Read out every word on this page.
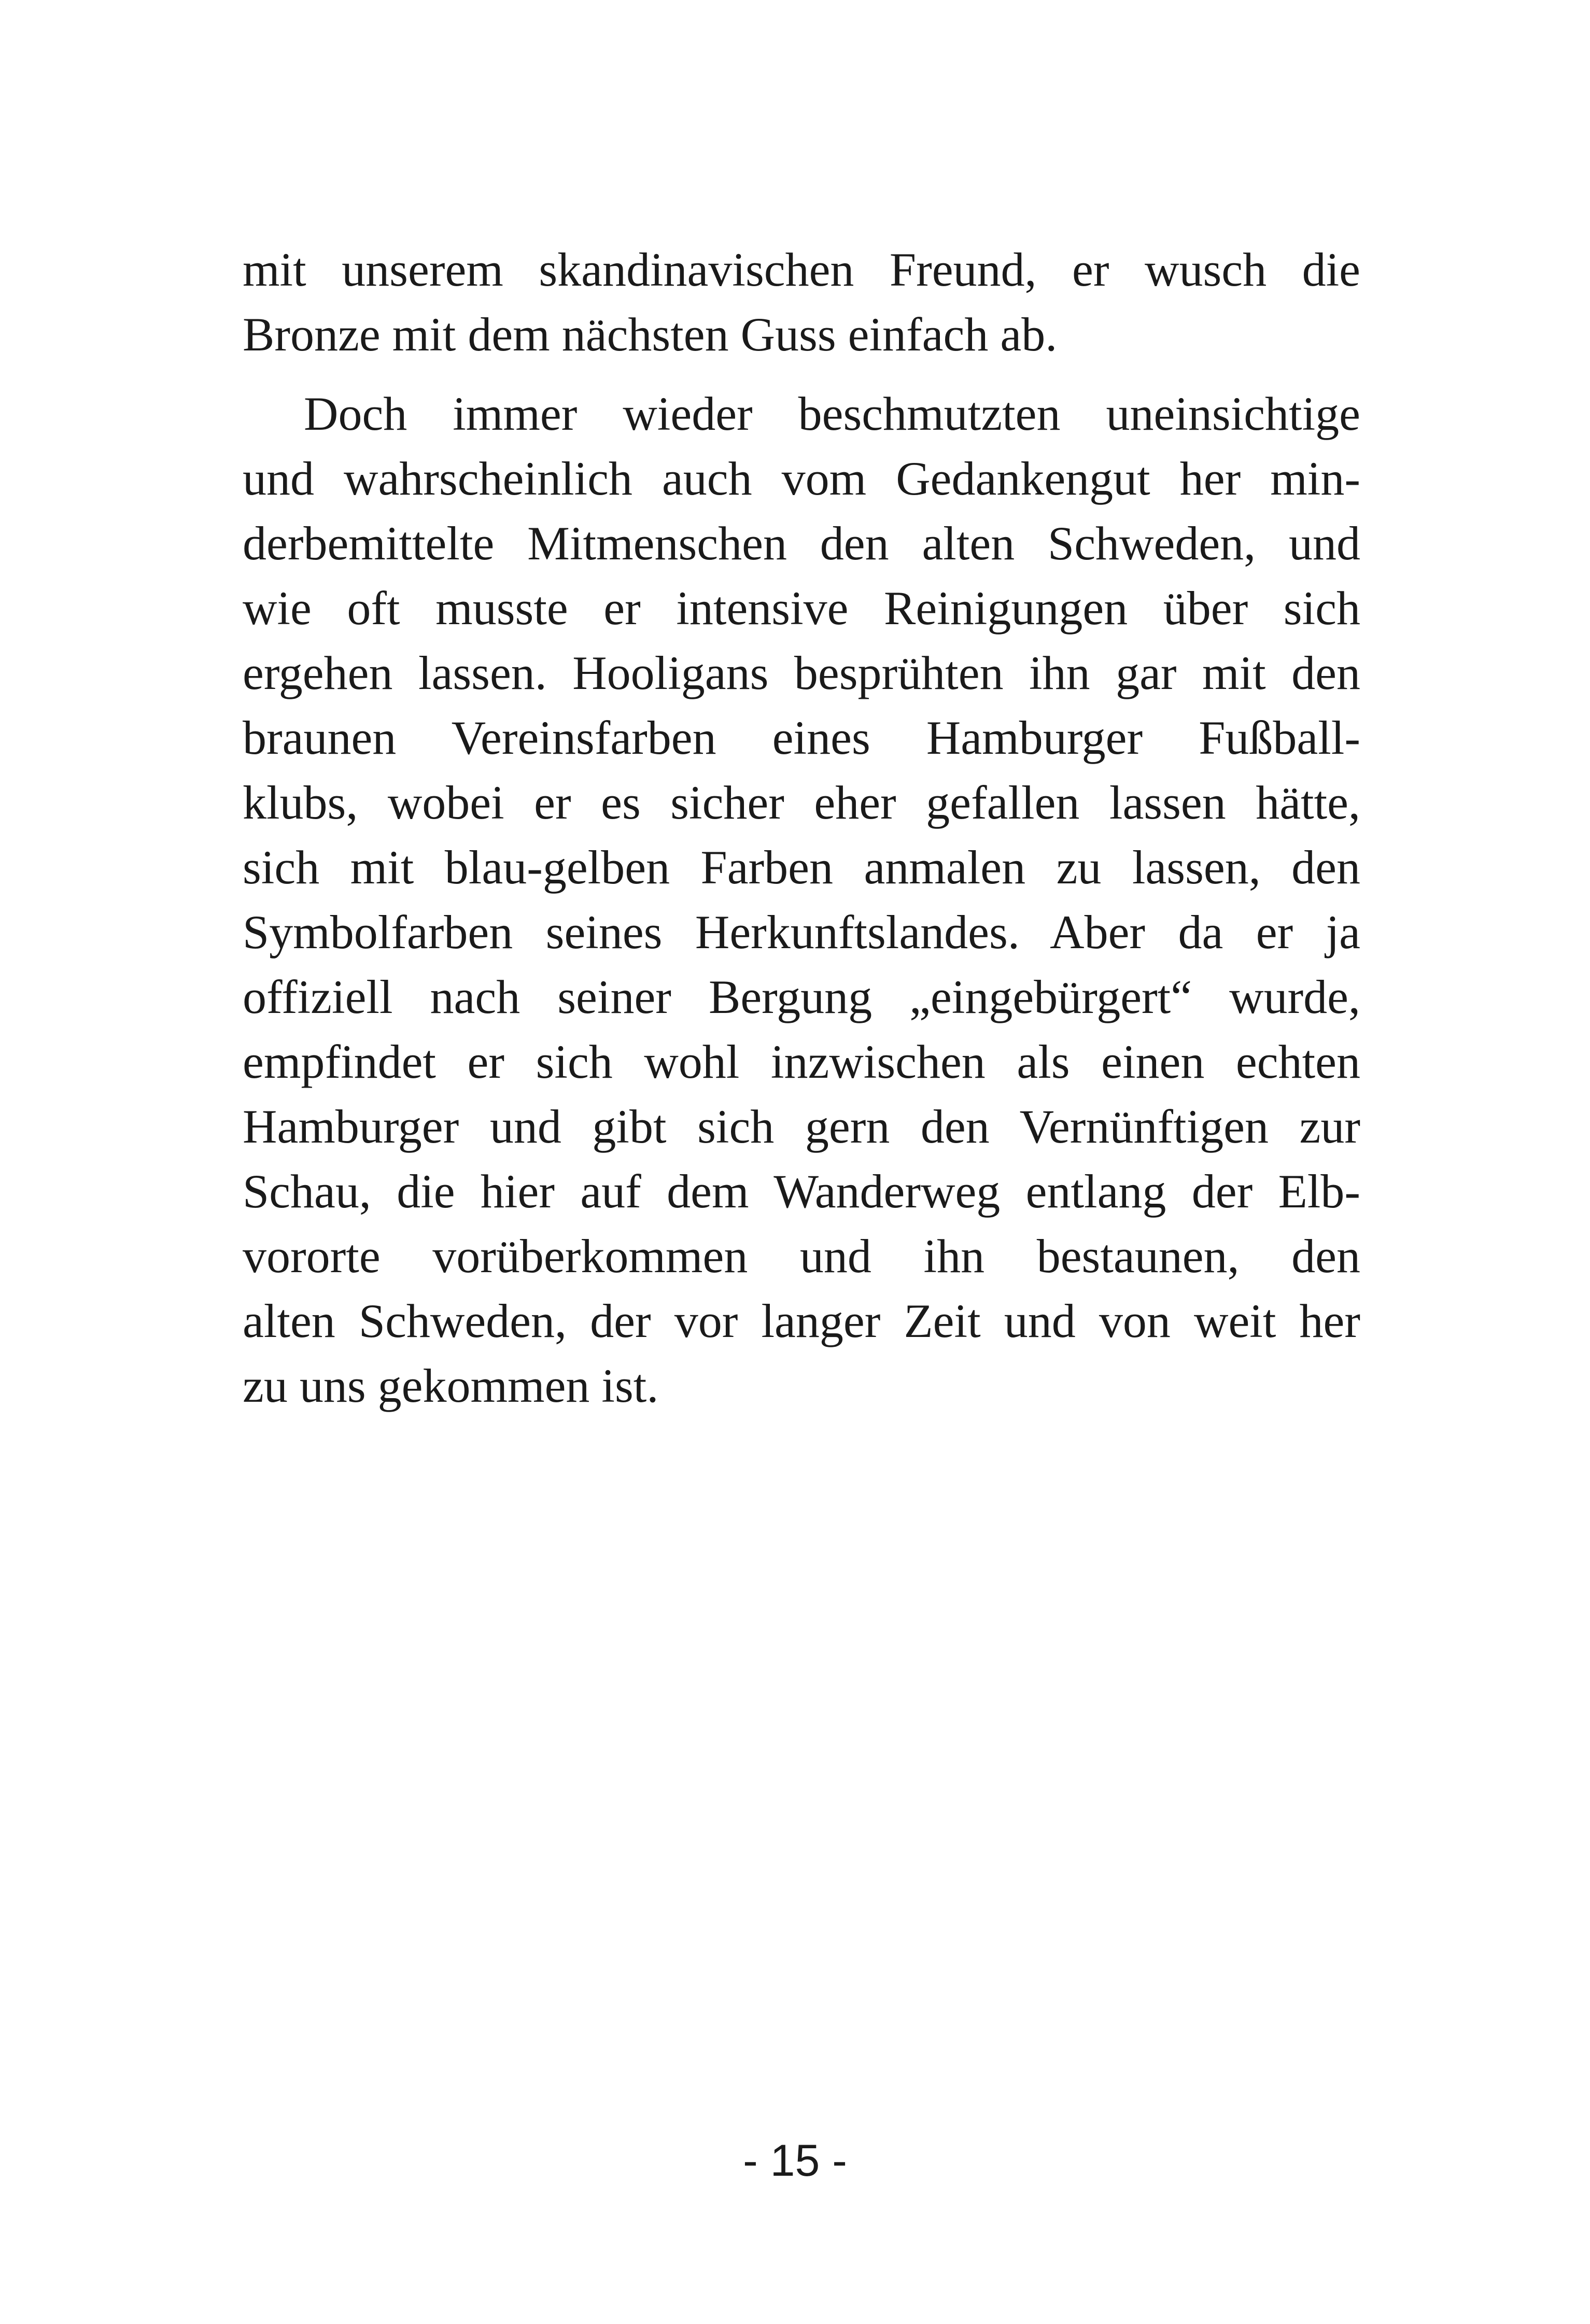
mit unserem skandinavischen Freund, er wusch die
Bronze mit dem nächsten Guss einfach ab.
Doch immer wieder beschmutzten uneinsichtige
und wahrscheinlich auch vom Gedankengut her min-
derbemittelte Mitmenschen den alten Schweden, und
wie oft musste er intensive Reinigungen über sich
ergehen lassen. Hooligans besprühten ihn gar mit den
braunen Vereinsfarben eines Hamburger Fußball-
klubs, wobei er es sicher eher gefallen lassen hätte,
sich mit blau-gelben Farben anmalen zu lassen, den
Symbolfarben seines Herkunftslandes. Aber da er ja
offiziell nach seiner Bergung „eingebürgert“ wurde,
empfindet er sich wohl inzwischen als einen echten
Hamburger und gibt sich gern den Vernünftigen zur
Schau, die hier auf dem Wanderweg entlang der Elb-
vororte vorüberkommen und ihn bestaunen, den
alten Schweden, der vor langer Zeit und von weit her
zu uns gekommen ist.
- 15 -
